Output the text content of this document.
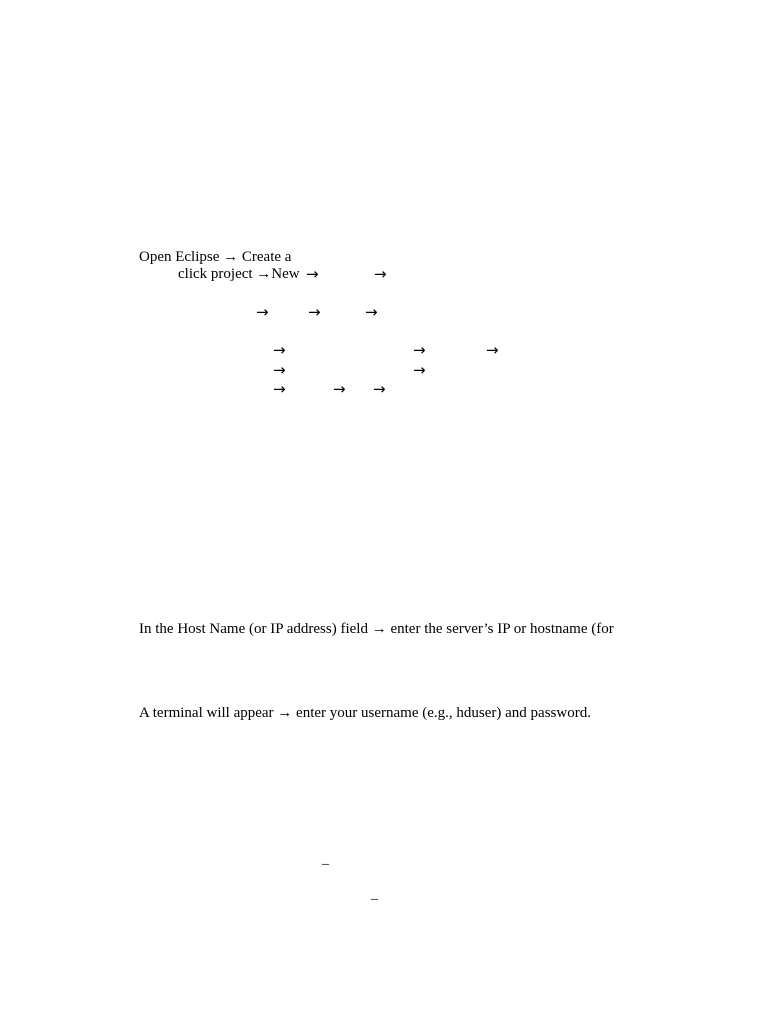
Open Eclipse → Create a
click project →New →	→
→	→	→
→	→	→
→	→
→	→ →
In the Host Name (or IP address) field → enter the server’s IP or hostname (for
A terminal will appear → enter your username (e.g., hduser) and password.
_
_
